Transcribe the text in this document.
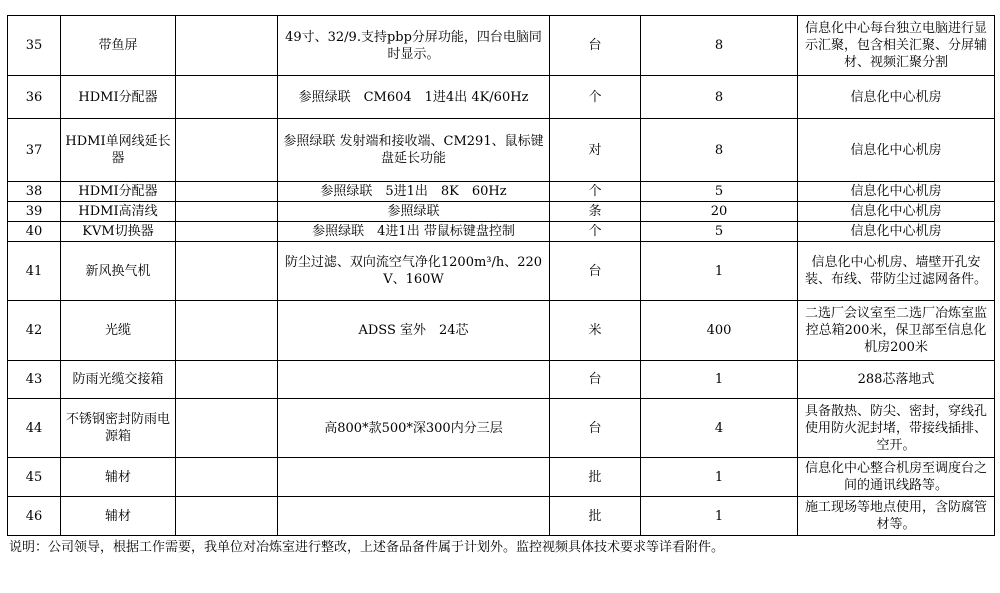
35	带鱼屏		49寸、32/9.支持pbp分屏功能，四台电脑同时显示。	台	8	信息化中心每台独立电脑进行显示汇聚，包含相关汇聚、分屏辅材、视频汇聚分割
36	HDMI分配器		参照绿联　CM604　1进4出 4K/60Hz	个	8	信息化中心机房
37	HDMI单网线延长器		参照绿联 发射端和接收端、CM291、鼠标键盘延长功能	对	8	信息化中心机房
38	HDMI分配器		参照绿联　5进1出　8K　60Hz	个	5	信息化中心机房
39	HDMI高清线		参照绿联	条	20	信息化中心机房
40	KVM切换器		参照绿联　4进1出 带鼠标键盘控制	个	5	信息化中心机房
41	新风换气机		防尘过滤、双向流空气净化1200m³/h、220V、160W	台	1	信息化中心机房、墙壁开孔安装、布线、带防尘过滤网备件。
42	光缆		ADSS 室外　24芯	米	400	二选厂会议室至二选厂冶炼室监控总箱200米，保卫部至信息化机房200米
43	防雨光缆交接箱			台	1	288芯落地式
44	不锈钢密封防雨电源箱		高800*款500*深300内分三层	台	4	具备散热、防尖、密封，穿线孔使用防火泥封堵，带接线插排、空开。
45	辅材			批	1	信息化中心整合机房至调度台之间的通讯线路等。
46	辅材			批	1	施工现场等地点使用，含防腐管材等。
说明：公司领导，根据工作需要，我单位对冶炼室进行整改，上述备品备件属于计划外。监控视频具体技术要求等详看附件。
